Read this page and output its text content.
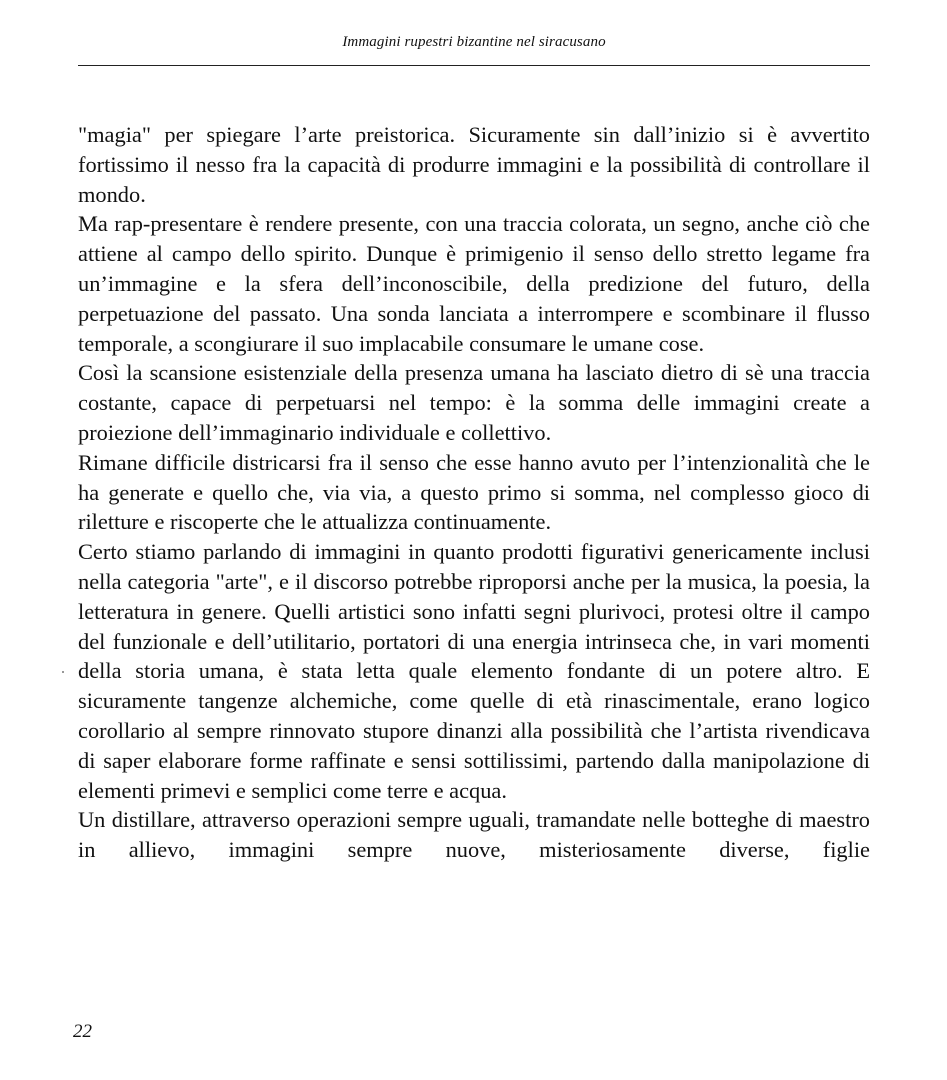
Immagini rupestri bizantine nel siracusano

"magia" per spiegare l’arte preistorica. Sicuramente sin dall’inizio si è avvertito fortissimo il nesso fra la capacità di produrre immagini e la possibilità di controllare il mondo.

Ma rap-presentare è rendere presente, con una traccia colorata, un segno, anche ciò che attiene al campo dello spirito. Dunque è primigenio il senso dello stretto legame fra un’immagine e la sfera dell’inconoscibile, della predizione del futuro, della perpetuazione del passato. Una sonda lanciata a interrompere e scombinare il flusso temporale, a scongiurare il suo implacabile consumare le umane cose.

Così la scansione esistenziale della presenza umana ha lasciato dietro di sè una traccia costante, capace di perpetuarsi nel tempo: è la somma delle immagini create a proiezione dell’immaginario individuale e collettivo.

Rimane difficile districarsi fra il senso che esse hanno avuto per l’intenzionalità che le ha generate e quello che, via via, a questo primo si somma, nel complesso gioco di riletture e riscoperte che le attualizza continuamente.

Certo stiamo parlando di immagini in quanto prodotti figurativi genericamente inclusi nella categoria "arte", e il discorso potrebbe riproporsi anche per la musica, la poesia, la letteratura in genere. Quelli artistici sono infatti segni plurivoci, protesi oltre il campo del funzionale e dell’utilitario, portatori di una energia intrinseca che, in vari momenti della storia umana, è stata letta quale elemento fondante di un potere altro. E sicuramente tangenze alchemiche, come quelle di età rinascimentale, erano logico corollario al sempre rinnovato stupore dinanzi alla possibilità che l’artista rivendicava di saper elaborare forme raffinate e sensi sottilissimi, partendo dalla manipolazione di elementi primevi e semplici come terre e acqua.

Un distillare, attraverso operazioni sempre uguali, tramandate nelle botteghe di maestro in allievo, immagini sempre nuove, misteriosamente diverse, figlie

22
